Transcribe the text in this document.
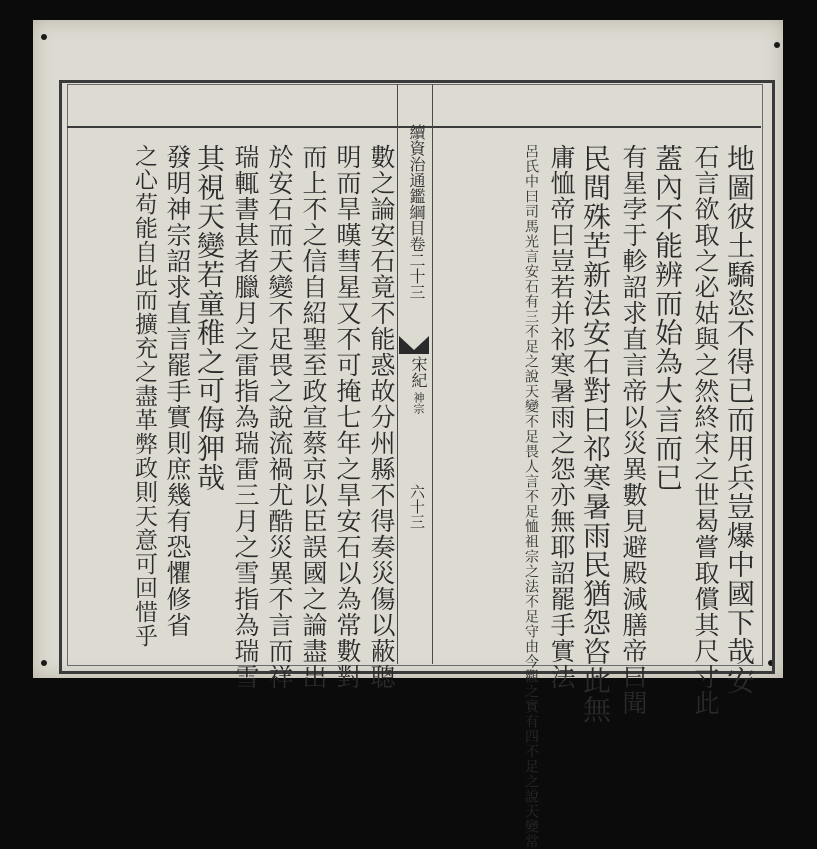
續資治通鑑綱目卷二十三
宋紀
神宗
六十三	地圖彼土驕恣不得已而用兵豈爆中國下哉安
石言欲取之必姑與之然終宋之世曷嘗取償其尺寸此
蓋內不能辨而始為大言而已
有星孛于軫詔求直言帝以災異數見避殿減膳帝曰聞
民間殊苦新法安石對曰祁寒暑雨民猶怨咨此無
庸恤帝曰豈若并祁寒暑雨之怨亦無耶詔罷手實法
呂氏中曰司馬光言安石有三不足之說天變不足畏人言不足恤祖宗之法不足守由今觀之實有四不足之說天變常
數之論安石竟不能惑故分州縣不得奏災傷以蔽聰
明而旱暵彗星又不可掩七年之旱安石以為常數對
而上不之信自紹聖至政宣蔡京以臣誤國之論盡出
於安石而天變不足畏之說流禍尤酷災異不言而祥
瑞輒書甚者臘月之雷指為瑞雷三月之雪指為瑞雪
其視天變若童稚之可侮狎哉
發明神宗詔求直言罷手實則庶幾有恐懼修省
之心苟能自此而擴充之盡革弊政則天意可回惜乎
